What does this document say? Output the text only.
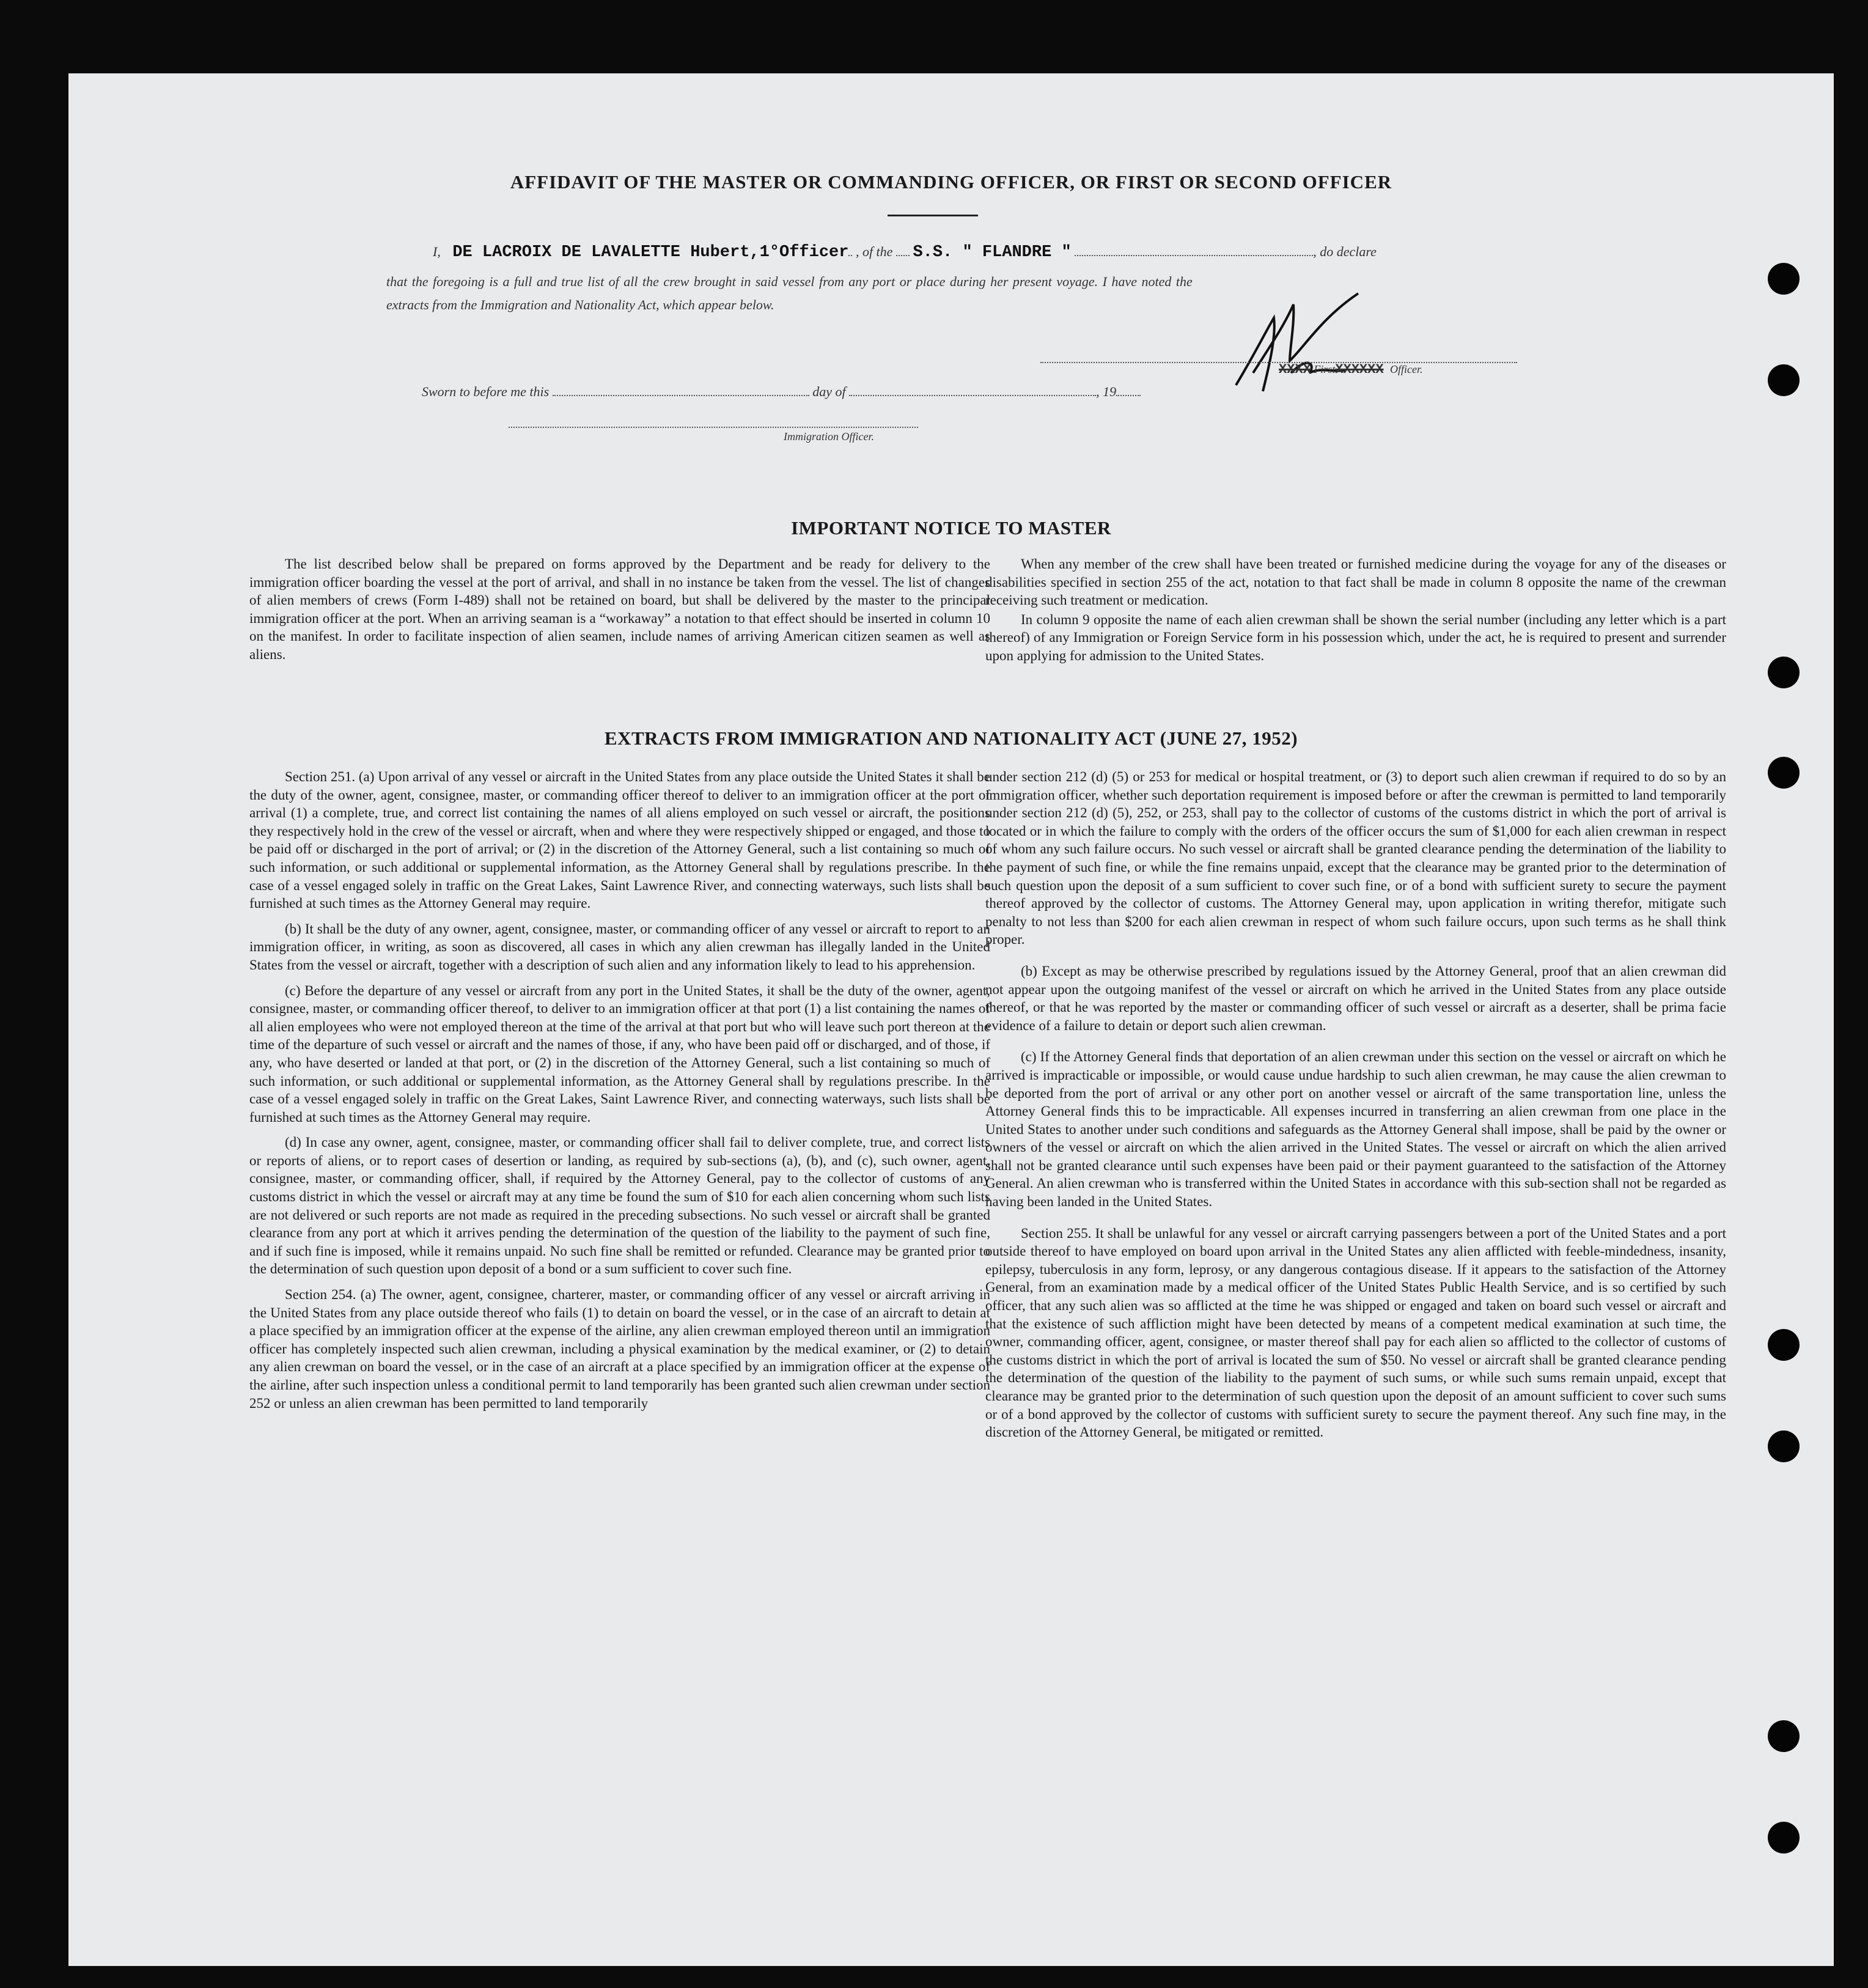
AFFIDAVIT OF THE MASTER OR COMMANDING OFFICER, OR FIRST OR SECOND OFFICER
I, DE LACROIX DE LAVALETTE Hubert,1°Officer , of the S.S. " FLANDRE "	, do declare
that the foregoing is a full and true list of all the crew brought in said vessel from any port or place during her present voyage. I have noted the
extracts from the Immigration and Nationality Act, which appear below.
XXXX FirstXXXXXX Officer.
Sworn to before me this	day of	, 19
Immigration Officer.
IMPORTANT NOTICE TO MASTER

The list described below shall be prepared on forms approved by the Department and be ready for delivery to the immigration officer boarding the vessel at the port of arrival, and shall in no instance be taken from the vessel. The list of changes of alien members of crews (Form I-489) shall not be retained on board, but shall be delivered by the master to the principal immigration officer at the port. When an arriving seaman is a “workaway” a notation to that effect should be inserted in column 10 on the manifest. In order to facilitate inspection of alien seamen, include names of arriving American citizen seamen as well as aliens.

When any member of the crew shall have been treated or furnished medicine during the voyage for any of the diseases or disabilities specified in section 255 of the act, notation to that fact shall be made in column 8 opposite the name of the crewman receiving such treatment or medication.

In column 9 opposite the name of each alien crewman shall be shown the serial number (including any letter which is a part thereof) of any Immigration or Foreign Service form in his possession which, under the act, he is required to present and surrender upon applying for admission to the United States.

EXTRACTS FROM IMMIGRATION AND NATIONALITY ACT (JUNE 27, 1952)

Section 251. (a) Upon arrival of any vessel or aircraft in the United States from any place outside the United States it shall be the duty of the owner, agent, consignee, master, or commanding officer thereof to deliver to an immigration officer at the port of arrival (1) a complete, true, and correct list containing the names of all aliens employed on such vessel or aircraft, the positions they respectively hold in the crew of the vessel or aircraft, when and where they were respectively shipped or engaged, and those to be paid off or discharged in the port of arrival; or (2) in the discretion of the Attorney General, such a list containing so much of such information, or such additional or supplemental information, as the Attorney General shall by regulations prescribe. In the case of a vessel engaged solely in traffic on the Great Lakes, Saint Lawrence River, and connecting waterways, such lists shall be furnished at such times as the Attorney General may require.

(b) It shall be the duty of any owner, agent, consignee, master, or commanding officer of any vessel or aircraft to report to an immigration officer, in writing, as soon as discovered, all cases in which any alien crewman has illegally landed in the United States from the vessel or aircraft, together with a description of such alien and any information likely to lead to his apprehension.

(c) Before the departure of any vessel or aircraft from any port in the United States, it shall be the duty of the owner, agent, consignee, master, or commanding officer thereof, to deliver to an immigration officer at that port (1) a list containing the names of all alien employees who were not employed thereon at the time of the arrival at that port but who will leave such port thereon at the time of the departure of such vessel or aircraft and the names of those, if any, who have been paid off or discharged, and of those, if any, who have deserted or landed at that port, or (2) in the discretion of the Attorney General, such a list containing so much of such information, or such additional or supplemental information, as the Attorney General shall by regulations prescribe. In the case of a vessel engaged solely in traffic on the Great Lakes, Saint Lawrence River, and connecting waterways, such lists shall be furnished at such times as the Attorney General may require.

(d) In case any owner, agent, consignee, master, or commanding officer shall fail to deliver complete, true, and correct lists or reports of aliens, or to report cases of desertion or landing, as required by sub-sections (a), (b), and (c), such owner, agent, consignee, master, or commanding officer, shall, if required by the Attorney General, pay to the collector of customs of any customs district in which the vessel or aircraft may at any time be found the sum of $10 for each alien concerning whom such lists are not delivered or such reports are not made as required in the preceding subsections. No such vessel or aircraft shall be granted clearance from any port at which it arrives pending the determination of the question of the liability to the payment of such fine, and if such fine is imposed, while it remains unpaid. No such fine shall be remitted or refunded. Clearance may be granted prior to the determination of such question upon deposit of a bond or a sum sufficient to cover such fine.

Section 254. (a) The owner, agent, consignee, charterer, master, or commanding officer of any vessel or aircraft arriving in the United States from any place outside thereof who fails (1) to detain on board the vessel, or in the case of an aircraft to detain at a place specified by an immigration officer at the expense of the airline, any alien crewman employed thereon until an immigration officer has completely inspected such alien crewman, including a physical examination by the medical examiner, or (2) to detain any alien crewman on board the vessel, or in the case of an aircraft at a place specified by an immigration officer at the expense of the airline, after such inspection unless a conditional permit to land temporarily has been granted such alien crewman under section 252 or unless an alien crewman has been permitted to land temporarily

under section 212 (d) (5) or 253 for medical or hospital treatment, or (3) to deport such alien crewman if required to do so by an immigration officer, whether such deportation requirement is imposed before or after the crewman is permitted to land temporarily under section 212 (d) (5), 252, or 253, shall pay to the collector of customs of the customs district in which the port of arrival is located or in which the failure to comply with the orders of the officer occurs the sum of $1,000 for each alien crewman in respect of whom any such failure occurs. No such vessel or aircraft shall be granted clearance pending the determination of the liability to the payment of such fine, or while the fine remains unpaid, except that the clearance may be granted prior to the determination of such question upon the deposit of a sum sufficient to cover such fine, or of a bond with sufficient surety to secure the payment thereof approved by the collector of customs. The Attorney General may, upon application in writing therefor, mitigate such penalty to not less than $200 for each alien crewman in respect of whom such failure occurs, upon such terms as he shall think proper.

(b) Except as may be otherwise prescribed by regulations issued by the Attorney General, proof that an alien crewman did not appear upon the outgoing manifest of the vessel or aircraft on which he arrived in the United States from any place outside thereof, or that he was reported by the master or commanding officer of such vessel or aircraft as a deserter, shall be prima facie evidence of a failure to detain or deport such alien crewman.

(c) If the Attorney General finds that deportation of an alien crewman under this section on the vessel or aircraft on which he arrived is impracticable or impossible, or would cause undue hardship to such alien crewman, he may cause the alien crewman to be deported from the port of arrival or any other port on another vessel or aircraft of the same transportation line, unless the Attorney General finds this to be impracticable. All expenses incurred in transferring an alien crewman from one place in the United States to another under such conditions and safeguards as the Attorney General shall impose, shall be paid by the owner or owners of the vessel or aircraft on which the alien arrived in the United States. The vessel or aircraft on which the alien arrived shall not be granted clearance until such expenses have been paid or their payment guaranteed to the satisfaction of the Attorney General. An alien crewman who is transferred within the United States in accordance with this sub-section shall not be regarded as having been landed in the United States.

Section 255. It shall be unlawful for any vessel or aircraft carrying passengers between a port of the United States and a port outside thereof to have employed on board upon arrival in the United States any alien afflicted with feeble-mindedness, insanity, epilepsy, tuberculosis in any form, leprosy, or any dangerous contagious disease. If it appears to the satisfaction of the Attorney General, from an examination made by a medical officer of the United States Public Health Service, and is so certified by such officer, that any such alien was so afflicted at the time he was shipped or engaged and taken on board such vessel or aircraft and that the existence of such affliction might have been detected by means of a competent medical examination at such time, the owner, commanding officer, agent, consignee, or master thereof shall pay for each alien so afflicted to the collector of customs of the customs district in which the port of arrival is located the sum of $50. No vessel or aircraft shall be granted clearance pending the determination of the question of the liability to the payment of such sums, or while such sums remain unpaid, except that clearance may be granted prior to the determination of such question upon the deposit of an amount sufficient to cover such sums or of a bond approved by the collector of customs with sufficient surety to secure the payment thereof. Any such fine may, in the discretion of the Attorney General, be mitigated or remitted.
